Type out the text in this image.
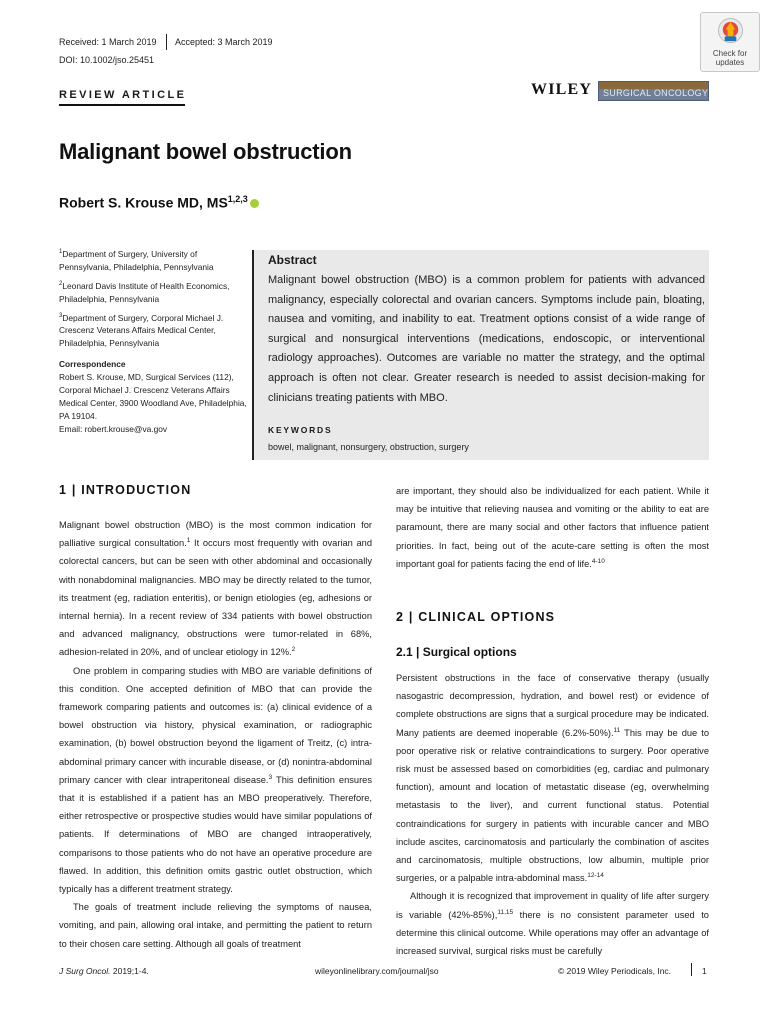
Received: 1 March 2019 Accepted: 3 March 2019
DOI: 10.1002/jso.25451
REVIEW ARTICLE	WILEY SURGICAL ONCOLOGY
Check for
updates
Malignant bowel obstruction
Robert S. Krouse MD, MS$^{1,2,3}$
$^1$Department of Surgery, University of Pennsylvania, Philadelphia, Pennsylvania
$^2$Leonard Davis Institute of Health Economics, Philadelphia, Pennsylvania
$^3$Department of Surgery, Corporal Michael J. Crescenz Veterans Affairs Medical Center, Philadelphia, Pennsylvania
Correspondence
Robert S. Krouse, MD, Surgical Services (112), Corporal Michael J. Crescenz Veterans Affairs Medical Center, 3900 Woodland Ave, Philadelphia, PA 19104.
Email: robert.krouse@va.gov
Abstract
Malignant bowel obstruction (MBO) is a common problem for patients with advanced malignancy, especially colorectal and ovarian cancers. Symptoms include pain, bloating, nausea and vomiting, and inability to eat. Treatment options consist of a wide range of surgical and nonsurgical interventions (medications, endoscopic, or interventional radiology approaches). Outcomes are variable no matter the strategy, and the optimal approach is often not clear. Greater research is needed to assist decision-making for clinicians treating patients with MBO.
KEYWORDS
bowel, malignant, nonsurgery, obstruction, surgery
1 | INTRODUCTION

Malignant bowel obstruction (MBO) is the most common indication for palliative surgical consultation.$^1$ It occurs most frequently with ovarian and colorectal cancers, but can be seen with other abdominal and occasionally with nonabdominal malignancies. MBO may be directly related to the tumor, its treatment (eg, radiation enteritis), or benign etiologies (eg, adhesions or internal hernia). In a recent review of 334 patients with bowel obstruction and advanced malignancy, obstructions were tumor-related in 68%, adhesion-related in 20%, and of unclear etiology in 12%.$^2$

One problem in comparing studies with MBO are variable definitions of this condition. One accepted definition of MBO that can provide the framework comparing patients and outcomes is: (a) clinical evidence of a bowel obstruction via history, physical examination, or radiographic examination, (b) bowel obstruction beyond the ligament of Treitz, (c) intra-abdominal primary cancer with incurable disease, or (d) nonintra-abdominal primary cancer with clear intraperitoneal disease.$^3$ This definition ensures that it is established if a patient has an MBO preoperatively. Therefore, either retrospective or prospective studies would have similar populations of patients. If determinations of MBO are changed intraoperatively, comparisons to those patients who do not have an operative procedure are flawed. In addition, this definition omits gastric outlet obstruction, which typically has a different treatment strategy.

The goals of treatment include relieving the symptoms of nausea, vomiting, and pain, allowing oral intake, and permitting the patient to return to their chosen care setting. Although all goals of treatment

are important, they should also be individualized for each patient. While it may be intuitive that relieving nausea and vomiting or the ability to eat are paramount, there are many social and other factors that influence patient priorities. In fact, being out of the acute-care setting is often the most important goal for patients facing the end of life.$^{4-10}$

2 | CLINICAL OPTIONS
2.1 | Surgical options

Persistent obstructions in the face of conservative therapy (usually nasogastric decompression, hydration, and bowel rest) or evidence of complete obstructions are signs that a surgical procedure may be indicated. Many patients are deemed inoperable (6.2%-50%).$^{11}$ This may be due to poor operative risk or relative contraindications to surgery. Poor operative risk must be assessed based on comorbidities (eg, cardiac and pulmonary function), amount and location of metastatic disease (eg, overwhelming metastasis to the liver), and current functional status. Potential contraindications for surgery in patients with incurable cancer and MBO include ascites, carcinomatosis and particularly the combination of ascites and carcinomatosis, multiple obstructions, low albumin, multiple prior surgeries, or a palpable intra-abdominal mass.$^{12-14}$

Although it is recognized that improvement in quality of life after surgery is variable (42%-85%),$^{11,15}$ there is no consistent parameter used to determine this clinical outcome. While operations may offer an advantage of increased survival, surgical risks must be carefully

J Surg Oncol. 2019;1-4.	wileyonlinelibrary.com/journal/jso	© 2019 Wiley Periodicals, Inc.	1
